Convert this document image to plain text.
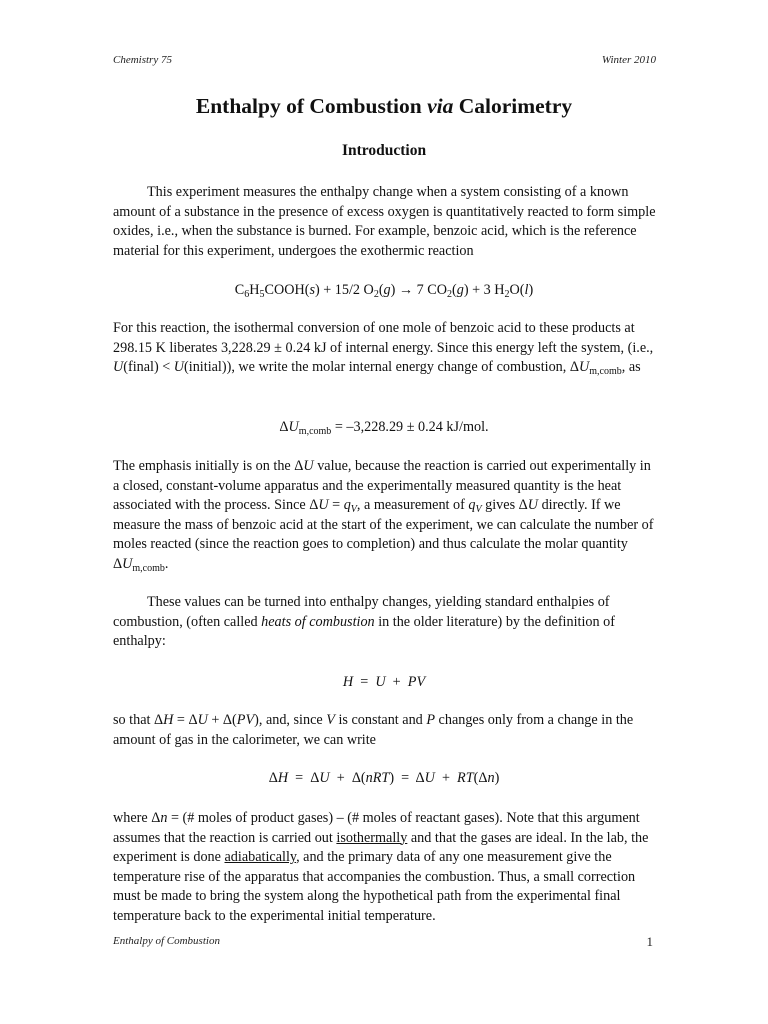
Chemistry 75	Winter 2010
Enthalpy of Combustion via Calorimetry
Introduction

This experiment measures the enthalpy change when a system consisting of a known amount of a substance in the presence of excess oxygen is quantitatively reacted to form simple oxides, i.e., when the substance is burned. For example, benzoic acid, which is the reference material for this experiment, undergoes the exothermic reaction

$C_6H_5COOH(s) + 15/2$ $O_2(g) \to 7$ $CO_2(g) + 3$ $H_2O(l)$

For this reaction, the isothermal conversion of one mole of benzoic acid to these products at 298.15 K liberates 3,228.29 ± 0.24 kJ of internal energy. Since this energy left the system, (i.e., U(final) < U(initial)), we write the molar internal energy change of combustion, $\Delta U_{m,comb}$, as

$\Delta U_{m,comb} = -3,228.29 \pm 0.24$ kJ/mol.

The emphasis initially is on the ΔU value, because the reaction is carried out experimentally in a closed, constant-volume apparatus and the experimentally measured quantity is the heat associated with the process. Since $\Delta U = q_V$, a measurement of $q_V$ gives ΔU directly. If we measure the mass of benzoic acid at the start of the experiment, we can calculate the number of moles reacted (since the reaction goes to completion) and thus calculate the molar quantity $\Delta U_{m,comb}$.

These values can be turned into enthalpy changes, yielding standard enthalpies of combustion, (often called heats of combustion in the older literature) by the definition of enthalpy:

H  =  U  +  PV

so that ΔH = ΔU + Δ(PV), and, since V is constant and P changes only from a change in the amount of gas in the calorimeter, we can write

ΔH  =  ΔU  +  Δ(nRT)  =  ΔU  +  RT(Δn)

where Δn = (# moles of product gases) – (# moles of reactant gases). Note that this argument assumes that the reaction is carried out isothermally and that the gases are ideal. In the lab, the experiment is done adiabatically, and the primary data of any one measurement give the temperature rise of the apparatus that accompanies the combustion. Thus, a small correction must be made to bring the system along the hypothetical path from the experimental final temperature back to the experimental initial temperature.

Enthalpy of Combustion	1
